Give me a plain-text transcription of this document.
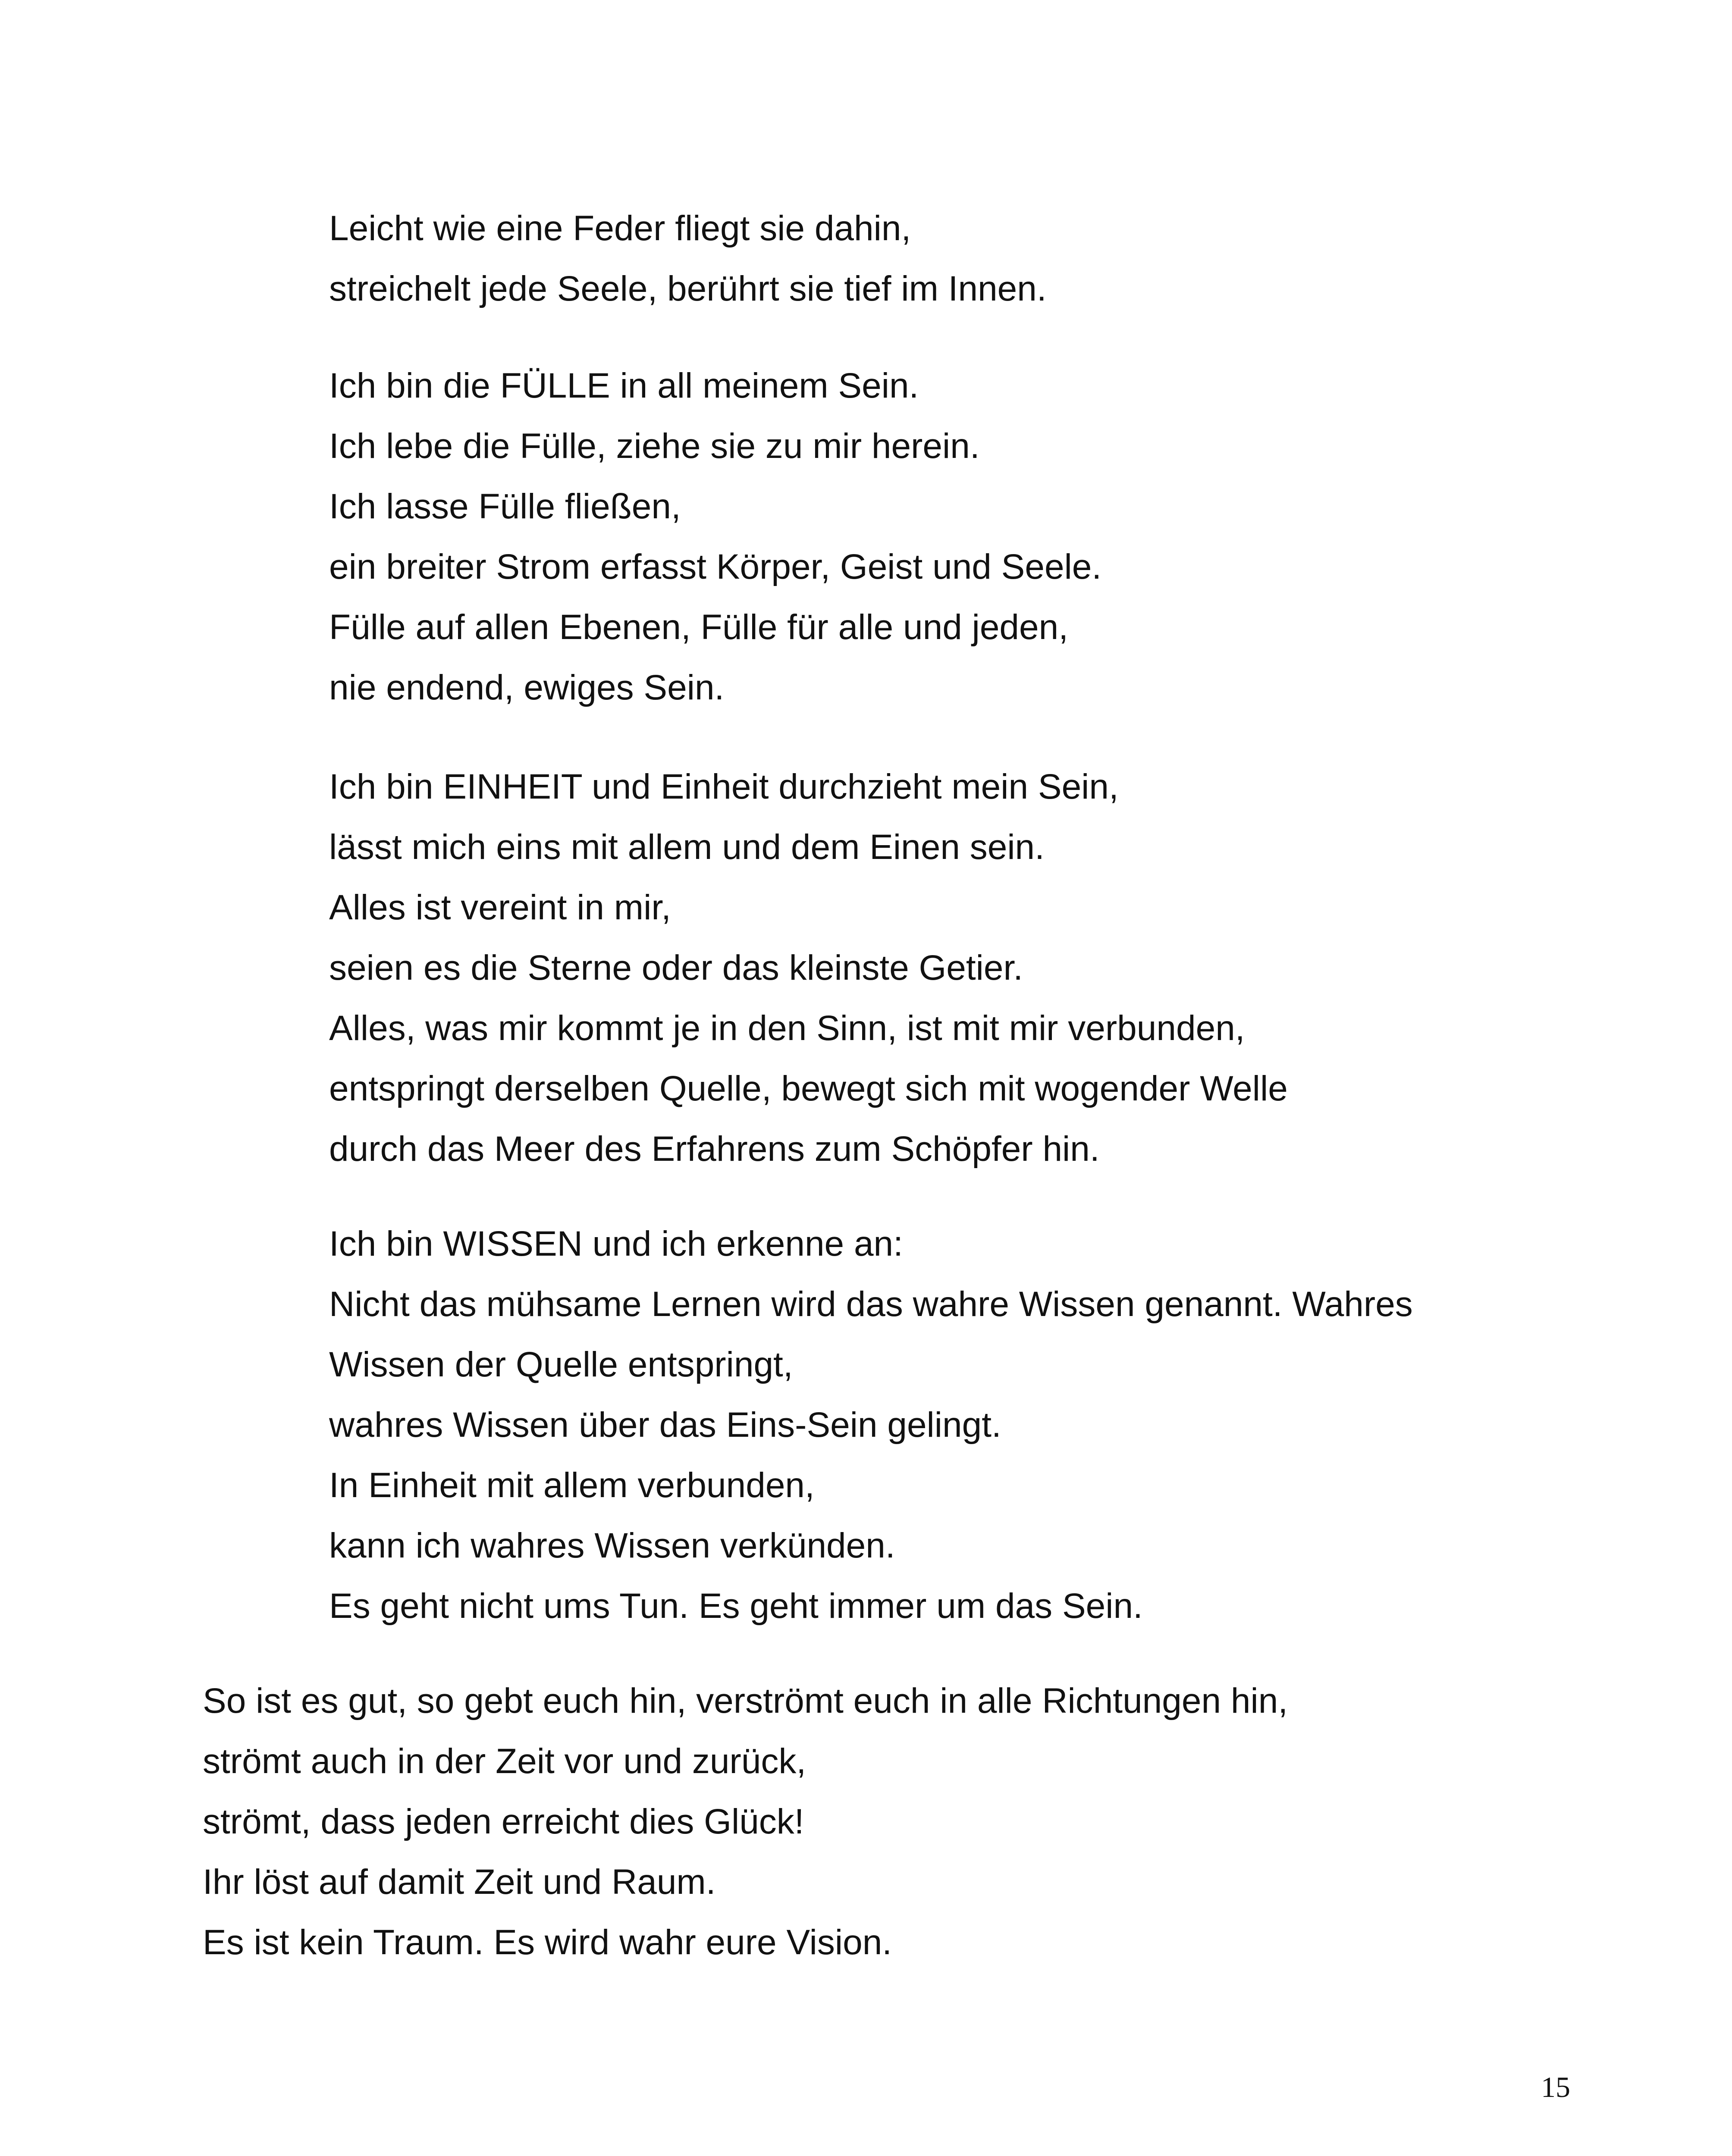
Leicht wie eine Feder fliegt sie dahin,
streichelt jede Seele, berührt sie tief im Innen.
Ich bin die FÜLLE in all meinem Sein.
Ich lebe die Fülle, ziehe sie zu mir herein.
Ich lasse Fülle fließen,
ein breiter Strom erfasst Körper, Geist und Seele.
Fülle auf allen Ebenen, Fülle für alle und jeden,
nie endend, ewiges Sein.
Ich bin EINHEIT und Einheit durchzieht mein Sein,
lässt mich eins mit allem und dem Einen sein.
Alles ist vereint in mir,
seien es die Sterne oder das kleinste Getier.
Alles, was mir kommt je in den Sinn, ist mit mir verbunden,
entspringt derselben Quelle, bewegt sich mit wogender Welle
durch das Meer des Erfahrens zum Schöpfer hin.
Ich bin WISSEN und ich erkenne an:
Nicht das mühsame Lernen wird das wahre Wissen genannt. Wahres
Wissen der Quelle entspringt,
wahres Wissen über das Eins-Sein gelingt.
In Einheit mit allem verbunden,
kann ich wahres Wissen verkünden.
Es geht nicht ums Tun. Es geht immer um das Sein.
So ist es gut, so gebt euch hin, verströmt euch in alle Richtungen hin,
strömt auch in der Zeit vor und zurück,
strömt, dass jeden erreicht dies Glück!
Ihr löst auf damit Zeit und Raum.
Es ist kein Traum. Es wird wahr eure Vision.
15
